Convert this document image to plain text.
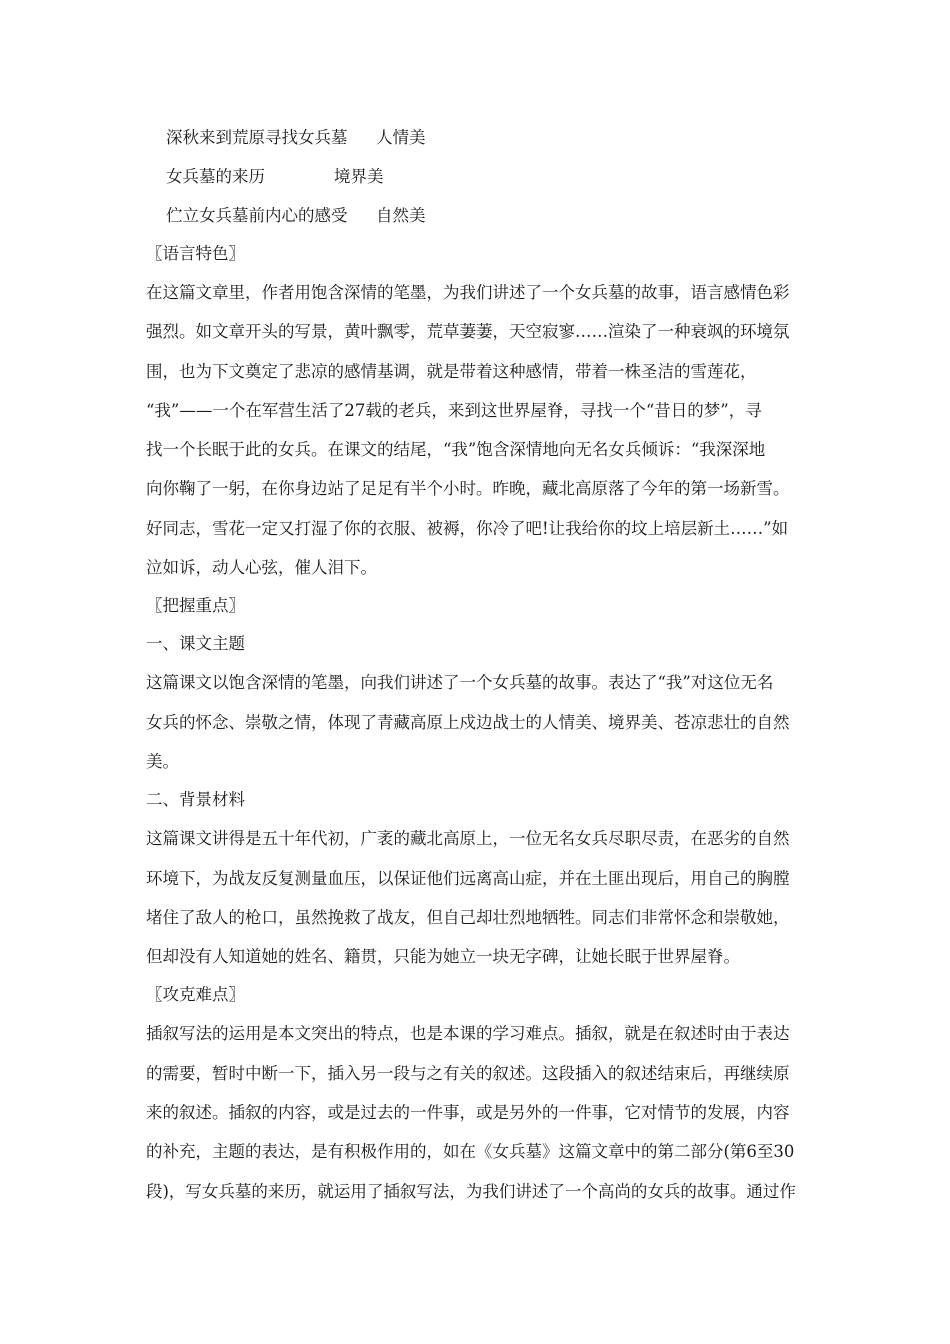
深秋来到荒原寻找女兵墓	人情美
女兵墓的来历	境界美
伫立女兵墓前内心的感受	自然美

〖语言特色〗

在这篇文章里，作者用饱含深情的笔墨，为我们讲述了一个女兵墓的故事，语言感情色彩

强烈。如文章开头的写景，黄叶飘零，荒草萋萋，天空寂寥……渲染了一种衰飒的环境氛

围，也为下文奠定了悲凉的感情基调，就是带着这种感情，带着一株圣洁的雪莲花，

“我”——一个在军营生活了27载的老兵，来到这世界屋脊，寻找一个“昔日的梦”，寻

找一个长眠于此的女兵。在课文的结尾，“我”饱含深情地向无名女兵倾诉：“我深深地

向你鞠了一躬，在你身边站了足足有半个小时。昨晚，藏北高原落了今年的第一场新雪。

好同志，雪花一定又打湿了你的衣服、被褥，你冷了吧!让我给你的坟上培层新土……”如

泣如诉，动人心弦，催人泪下。

〖把握重点〗

一、课文主题

这篇课文以饱含深情的笔墨，向我们讲述了一个女兵墓的故事。表达了“我”对这位无名

女兵的怀念、崇敬之情，体现了青藏高原上戍边战士的人情美、境界美、苍凉悲壮的自然

美。

二、背景材料

这篇课文讲得是五十年代初，广袤的藏北高原上，一位无名女兵尽职尽责，在恶劣的自然

环境下，为战友反复测量血压，以保证他们远离高山症，并在土匪出现后，用自己的胸膛

堵住了敌人的枪口，虽然挽救了战友，但自己却壮烈地牺牲。同志们非常怀念和崇敬她，

但却没有人知道她的姓名、籍贯，只能为她立一块无字碑，让她长眠于世界屋脊。

〖攻克难点〗

插叙写法的运用是本文突出的特点，也是本课的学习难点。插叙，就是在叙述时由于表达

的需要，暂时中断一下，插入另一段与之有关的叙述。这段插入的叙述结束后，再继续原

来的叙述。插叙的内容，或是过去的一件事，或是另外的一件事，它对情节的发展，内容

的补充，主题的表达，是有积极作用的，如在《女兵墓》这篇文章中的第二部分(第6至30

段)，写女兵墓的来历，就运用了插叙写法，为我们讲述了一个高尚的女兵的故事。通过作
